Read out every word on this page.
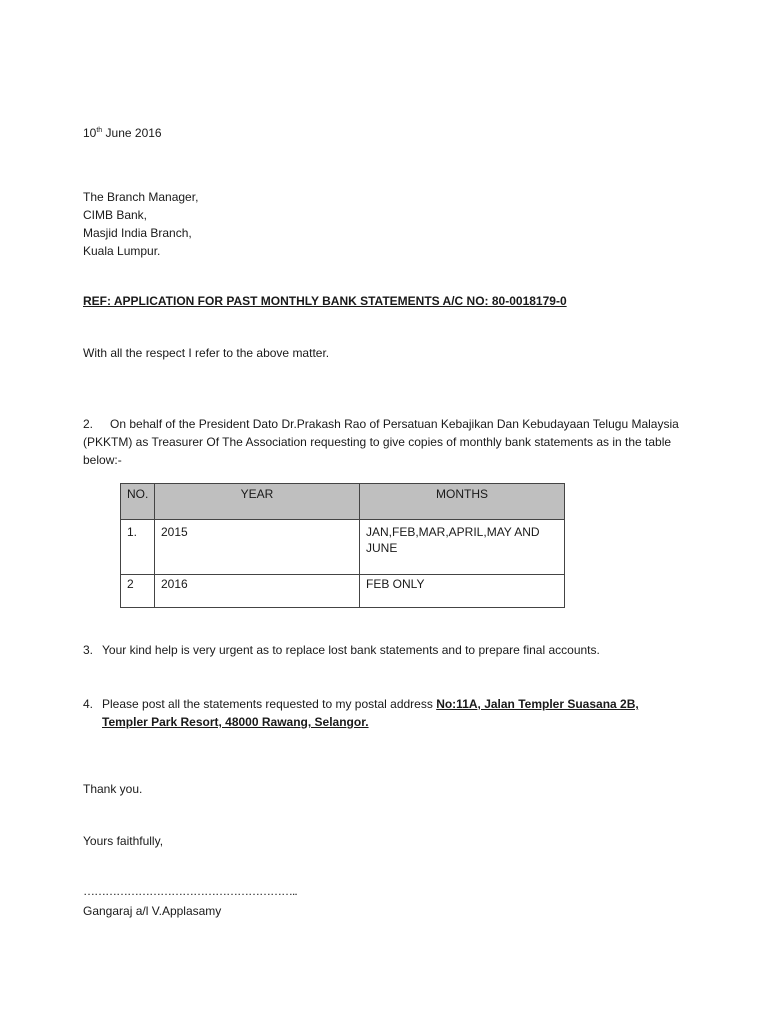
10th June 2016
The Branch Manager,
CIMB Bank,
Masjid India Branch,
Kuala Lumpur.
REF: APPLICATION FOR PAST MONTHLY BANK STATEMENTS A/C NO: 80-0018179-0
With all the respect I refer to the above matter.
2. On behalf of the President Dato Dr.Prakash Rao of Persatuan Kebajikan Dan Kebudayaan Telugu Malaysia (PKKTM) as Treasurer Of The Association requesting to give copies of monthly bank statements as in the table below:-
NO.	YEAR	MONTHS
1.	2015	JAN,FEB,MAR,APRIL,MAY AND JUNE
2	2016	FEB ONLY
3. Your kind help is very urgent as to replace lost bank statements and to prepare final accounts.
4. Please post all the statements requested to my postal address No:11A, Jalan Templer Suasana 2B,
Templer Park Resort, 48000 Rawang, Selangor.
Thank you.
Yours faithfully,
…………………………………………………..
Gangaraj a/l V.Applasamy
